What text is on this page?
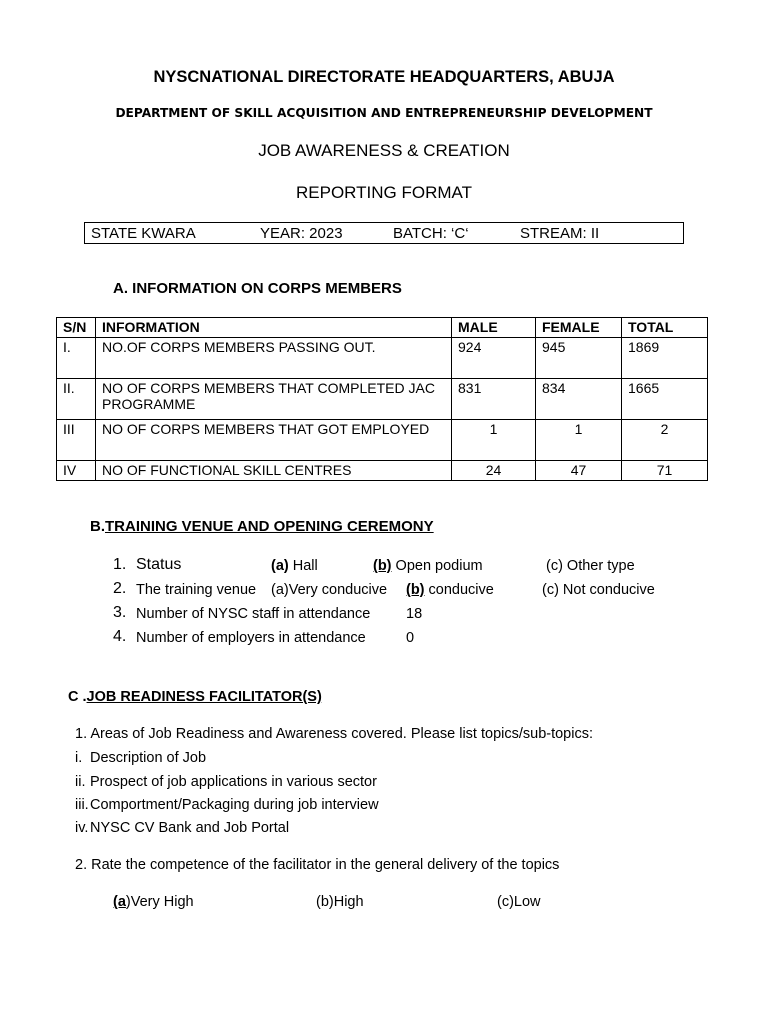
NYSCNATIONAL DIRECTORATE HEADQUARTERS, ABUJA
DEPARTMENT OF SKILL ACQUISITION AND ENTREPRENEURSHIP DEVELOPMENT
JOB AWARENESS & CREATION
REPORTING FORMAT
STATE KWARA	YEAR: 2023	BATCH: ‘C‘	STREAM: II
A. INFORMATION ON CORPS MEMBERS
S/N	INFORMATION	MALE	FEMALE	TOTAL
I.	NO.OF CORPS MEMBERS PASSING OUT.	924	945	1869
II.	NO OF CORPS MEMBERS THAT COMPLETED JAC PROGRAMME	831	834	1665
III	NO OF CORPS MEMBERS THAT GOT EMPLOYED	1	1	2
IV	NO OF FUNCTIONAL SKILL CENTRES	24	47	71
B.TRAINING VENUE AND OPENING CEREMONY
1. Status	(a) Hall	(b) Open podium	(c) Other type
2. The training venue (a)Very conducive (b) conducive	(c) Not conducive
3. Number of NYSC staff in attendance 18
4. Number of employers in attendance	0
C .JOB READINESS FACILITATOR(S)
1. Areas of Job Readiness and Awareness covered. Please list topics/sub-topics:
i. Description of Job
ii. Prospect of job applications in various sector
iii. Comportment/Packaging during job interview
iv. NYSC CV Bank and Job Portal
2. Rate the competence of the facilitator in the general delivery of the topics
(a)Very High	(b)High	(c)Low
